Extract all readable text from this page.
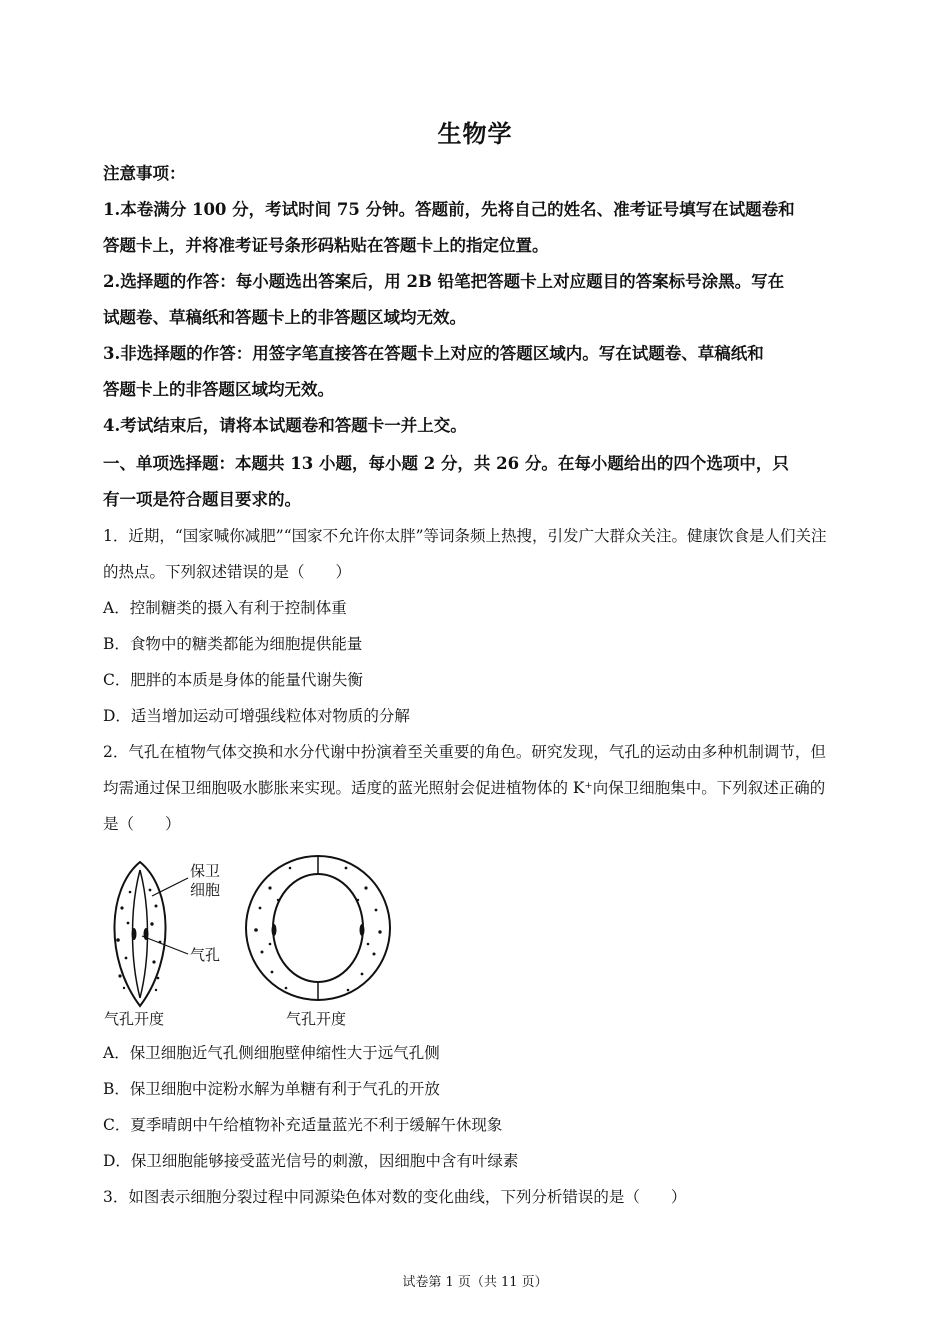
生物学
注意事项：
1.本卷满分 100 分，考试时间 75 分钟。答题前，先将自己的姓名、准考证号填写在试题卷和
答题卡上，并将准考证号条形码粘贴在答题卡上的指定位置。
2.选择题的作答：每小题选出答案后，用 2B 铅笔把答题卡上对应题目的答案标号涂黑。写在
试题卷、草稿纸和答题卡上的非答题区域均无效。
3.非选择题的作答：用签字笔直接答在答题卡上对应的答题区域内。写在试题卷、草稿纸和
答题卡上的非答题区域均无效。
4.考试结束后，请将本试题卷和答题卡一并上交。
一、单项选择题：本题共 13 小题，每小题 2 分，共 26 分。在每小题给出的四个选项中，只
有一项是符合题目要求的。
1．近期，“国家喊你减肥”“国家不允许你太胖”等词条频上热搜，引发广大群众关注。健康饮食是人们关注
的热点。下列叙述错误的是（　　）
A．控制糖类的摄入有利于控制体重
B．食物中的糖类都能为细胞提供能量
C．肥胖的本质是身体的能量代谢失衡
D．适当增加运动可增强线粒体对物质的分解
2．气孔在植物气体交换和水分代谢中扮演着至关重要的角色。研究发现，气孔的运动由多种机制调节，但
均需通过保卫细胞吸水膨胀来实现。适度的蓝光照射会促进植物体的 K⁺向保卫细胞集中。下列叙述正确的
是（　　）
保卫
细胞
气孔
气孔开度	气孔开度
A．保卫细胞近气孔侧细胞壁伸缩性大于远气孔侧
B．保卫细胞中淀粉水解为单糖有利于气孔的开放
C．夏季晴朗中午给植物补充适量蓝光不利于缓解午休现象
D．保卫细胞能够接受蓝光信号的刺激，因细胞中含有叶绿素
3．如图表示细胞分裂过程中同源染色体对数的变化曲线，下列分析错误的是（　　）
试卷第 1 页（共 11 页）
